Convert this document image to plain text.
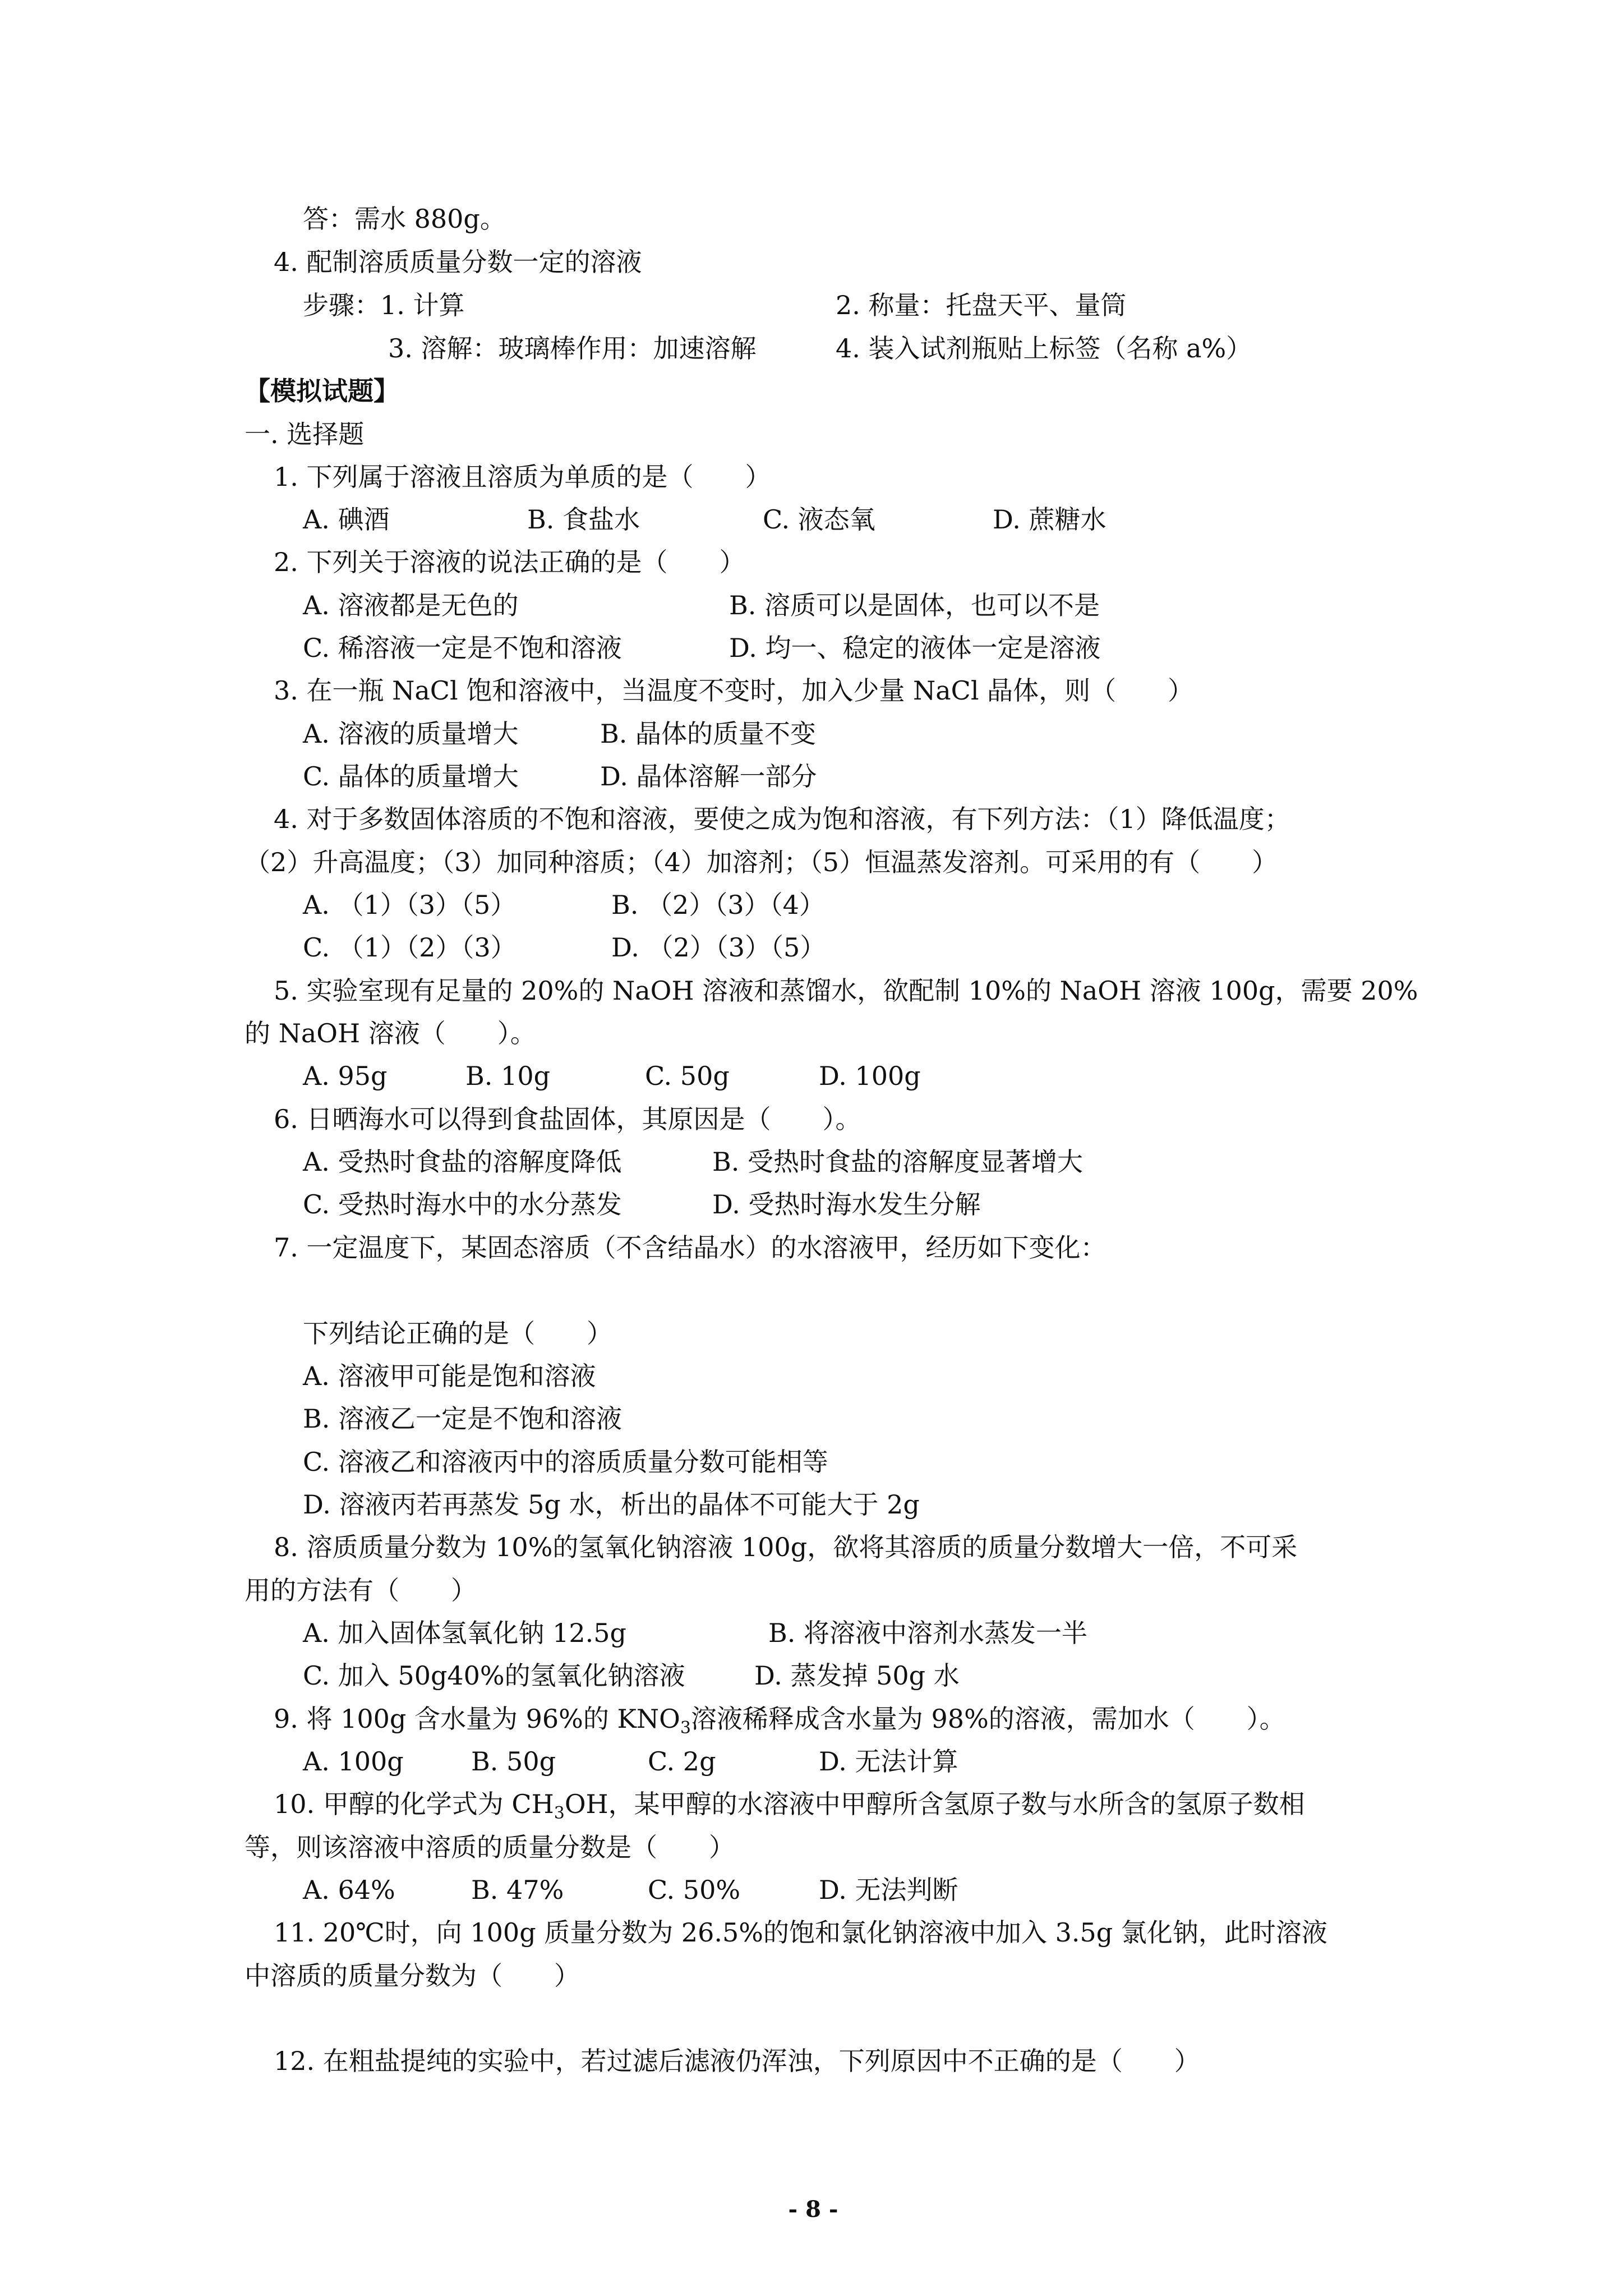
答：需水 880g。
4. 配制溶质质量分数一定的溶液
步骤：1. 计算	2. 称量：托盘天平、量筒
3. 溶解：玻璃棒作用：加速溶解	4. 装入试剂瓶贴上标签（名称 a%）
【模拟试题】
一. 选择题
1. 下列属于溶液且溶质为单质的是（　　）
A. 碘酒	B. 食盐水	C. 液态氧	D. 蔗糖水
2. 下列关于溶液的说法正确的是（　　）
A. 溶液都是无色的	B. 溶质可以是固体，也可以不是
C. 稀溶液一定是不饱和溶液	D. 均一、稳定的液体一定是溶液
3. 在一瓶 NaCl 饱和溶液中，当温度不变时，加入少量 NaCl 晶体，则（　　）
A. 溶液的质量增大	B. 晶体的质量不变
C. 晶体的质量增大	D. 晶体溶解一部分
4. 对于多数固体溶质的不饱和溶液，要使之成为饱和溶液，有下列方法：（1）降低温度；
（2）升高温度；（3）加同种溶质；（4）加溶剂；（5）恒温蒸发溶剂。可采用的有（　　）
A. （1）（3）（5）	B. （2）（3）（4）
C. （1）（2）（3）	D. （2）（3）（5）
5. 实验室现有足量的 20%的 NaOH 溶液和蒸馏水，欲配制 10%的 NaOH 溶液 100g，需要 20%
的 NaOH 溶液（　　）。
A. 95g	B. 10g	C. 50g	D. 100g
6. 日晒海水可以得到食盐固体，其原因是（　　）。
A. 受热时食盐的溶解度降低	B. 受热时食盐的溶解度显著增大
C. 受热时海水中的水分蒸发	D. 受热时海水发生分解
7. 一定温度下，某固态溶质（不含结晶水）的水溶液甲，经历如下变化：
下列结论正确的是（　　）
A. 溶液甲可能是饱和溶液
B. 溶液乙一定是不饱和溶液
C. 溶液乙和溶液丙中的溶质质量分数可能相等
D. 溶液丙若再蒸发 5g 水，析出的晶体不可能大于 2g
8. 溶质质量分数为 10%的氢氧化钠溶液 100g，欲将其溶质的质量分数增大一倍，不可采
用的方法有（　　）
A. 加入固体氢氧化钠 12.5g	B. 将溶液中溶剂水蒸发一半
C. 加入 50g40%的氢氧化钠溶液	D. 蒸发掉 50g 水
9. 将 100g 含水量为 96%的 $KNO_3$溶液稀释成含水量为 98%的溶液，需加水（　　）。
A. 100g	B. 50g	C. 2g	D. 无法计算
10. 甲醇的化学式为 $CH_3OH$，某甲醇的水溶液中甲醇所含氢原子数与水所含的氢原子数相
等，则该溶液中溶质的质量分数是（　　）
A. 64%	B. 47%	C. 50%	D. 无法判断
11. 20℃时，向 100g 质量分数为 26.5%的饱和氯化钠溶液中加入 3.5g 氯化钠，此时溶液
中溶质的质量分数为（　　）
12. 在粗盐提纯的实验中，若过滤后滤液仍浑浊，下列原因中不正确的是（　　）
- 8 -
